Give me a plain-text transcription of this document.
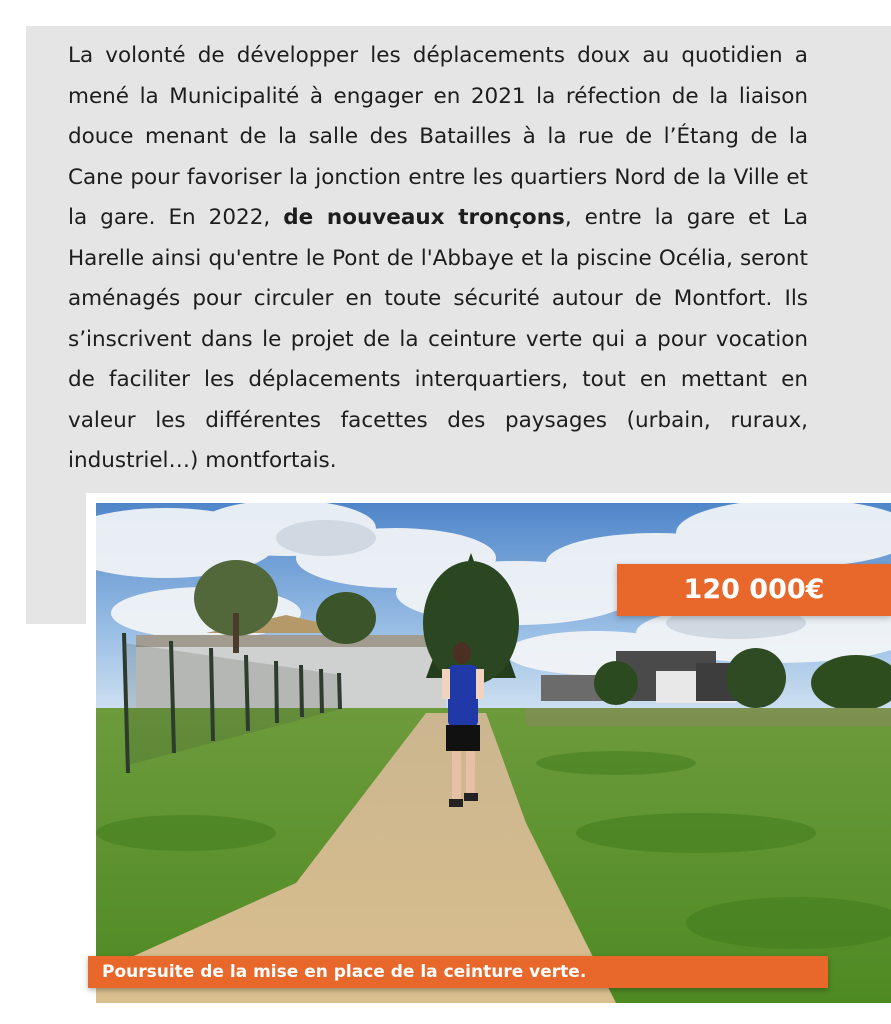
La volonté de développer les déplacements doux au quotidien a mené la Municipalité à engager en 2021 la réfection de la liaison douce menant de la salle des Batailles à la rue de l’Étang de la Cane pour favoriser la jonction entre les quartiers Nord de la Ville et la gare. En 2022, de nouveaux tronçons, entre la gare et La Harelle ainsi qu'entre le Pont de l'Abbaye et la piscine Océlia, seront aménagés pour circuler en toute sécurité autour de Montfort. Ils s’inscrivent dans le projet de la ceinture verte qui a pour vocation de faciliter les déplacements interquartiers, tout en mettant en valeur les différentes facettes des paysages (urbain, ruraux, industriel…) montfortais.

120 000€
Poursuite de la mise en place de la ceinture verte.
